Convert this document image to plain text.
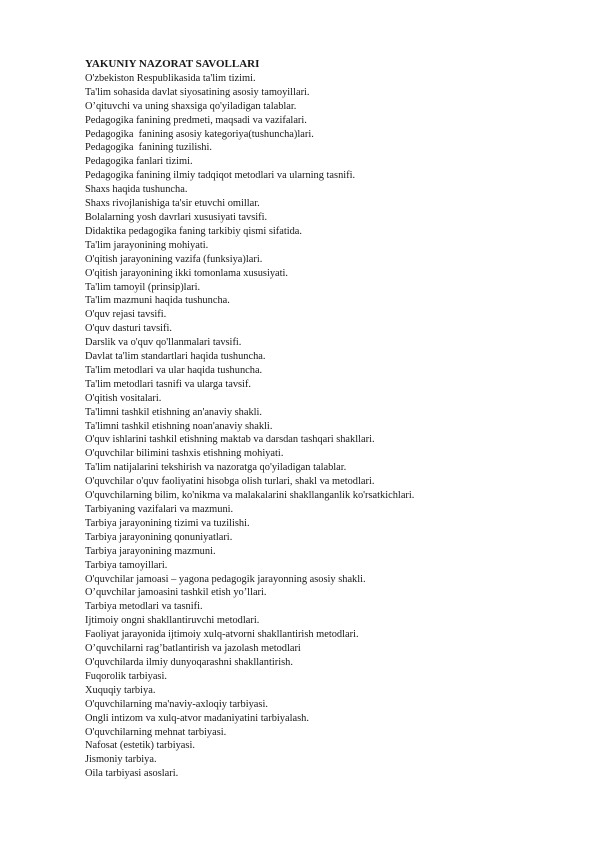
YAKUNIY NAZORAT SAVOLLARI
O'zbekiston Respublikasida ta'lim tizimi.
Ta'lim sohasida davlat siyosatining asosiy tamoyillari.
O’qituvchi va uning shaxsiga qo'yiladigan talablar.
Pedagogika fanining predmeti, maqsadi va vazifalari.
Pedagogika  fanining asosiy kategoriya(tushuncha)lari.
Pedagogika  fanining tuzilishi.
Pedagogika fanlari tizimi.
Pedagogika fanining ilmiy tadqiqot metodlari va ularning tasnifi.
Shaxs haqida tushuncha.
Shaxs rivojlanishiga ta'sir etuvchi omillar.
Bolalarning yosh davrlari xususiyati tavsifi.
Didaktika pedagogika faning tarkibiy qismi sifatida.
Ta'lim jarayonining mohiyati.
O'qitish jarayonining vazifa (funksiya)lari.
O'qitish jarayonining ikki tomonlama xususiyati.
Ta'lim tamoyil (prinsip)lari.
Ta'lim mazmuni haqida tushuncha.
O'quv rejasi tavsifi.
O'quv dasturi tavsifi.
Darslik va o'quv qo'llanmalari tavsifi.
Davlat ta'lim standartlari haqida tushuncha.
Ta'lim metodlari va ular haqida tushuncha.
Ta'lim metodlari tasnifi va ularga tavsif.
O'qitish vositalari.
Ta'limni tashkil etishning an'anaviy shakli.
Ta'limni tashkil etishning noan'anaviy shakli.
O'quv ishlarini tashkil etishning maktab va darsdan tashqari shakllari.
O'quvchilar bilimini tashxis etishning mohiyati.
Ta'lim natijalarini tekshirish va nazoratga qo'yiladigan talablar.
O'quvchilar o'quv faoliyatini hisobga olish turlari, shakl va metodlari.
O'quvchilarning bilim, ko'nikma va malakalarini shakllanganlik ko'rsatkichlari.
Tarbiyaning vazifalari va mazmuni.
Tarbiya jarayonining tizimi va tuzilishi.
Tarbiya jarayonining qonuniyatlari.
Tarbiya jarayonining mazmuni.
Tarbiya tamoyillari.
O'quvchilar jamoasi – yagona pedagogik jarayonning asosiy shakli.
O’quvchilar jamoasini tashkil etish yo’llari.
Tarbiya metodlari va tasnifi.
Ijtimoiy ongni shakllantiruvchi metodlari.
Faoliyat jarayonida ijtimoiy xulq-atvorni shakllantirish metodlari.
O’quvchilarni rag’batlantirish va jazolash metodlari
O'quvchilarda ilmiy dunyoqarashni shakllantirish.
Fuqorolik tarbiyasi.
Xuquqiy tarbiya.
O'quvchilarning ma'naviy-axloqiy tarbiyasi.
Ongli intizom va xulq-atvor madaniyatini tarbiyalash.
O'quvchilarning mehnat tarbiyasi.
Nafosat (estetik) tarbiyasi.
Jismoniy tarbiya.
Oila tarbiyasi asoslari.
